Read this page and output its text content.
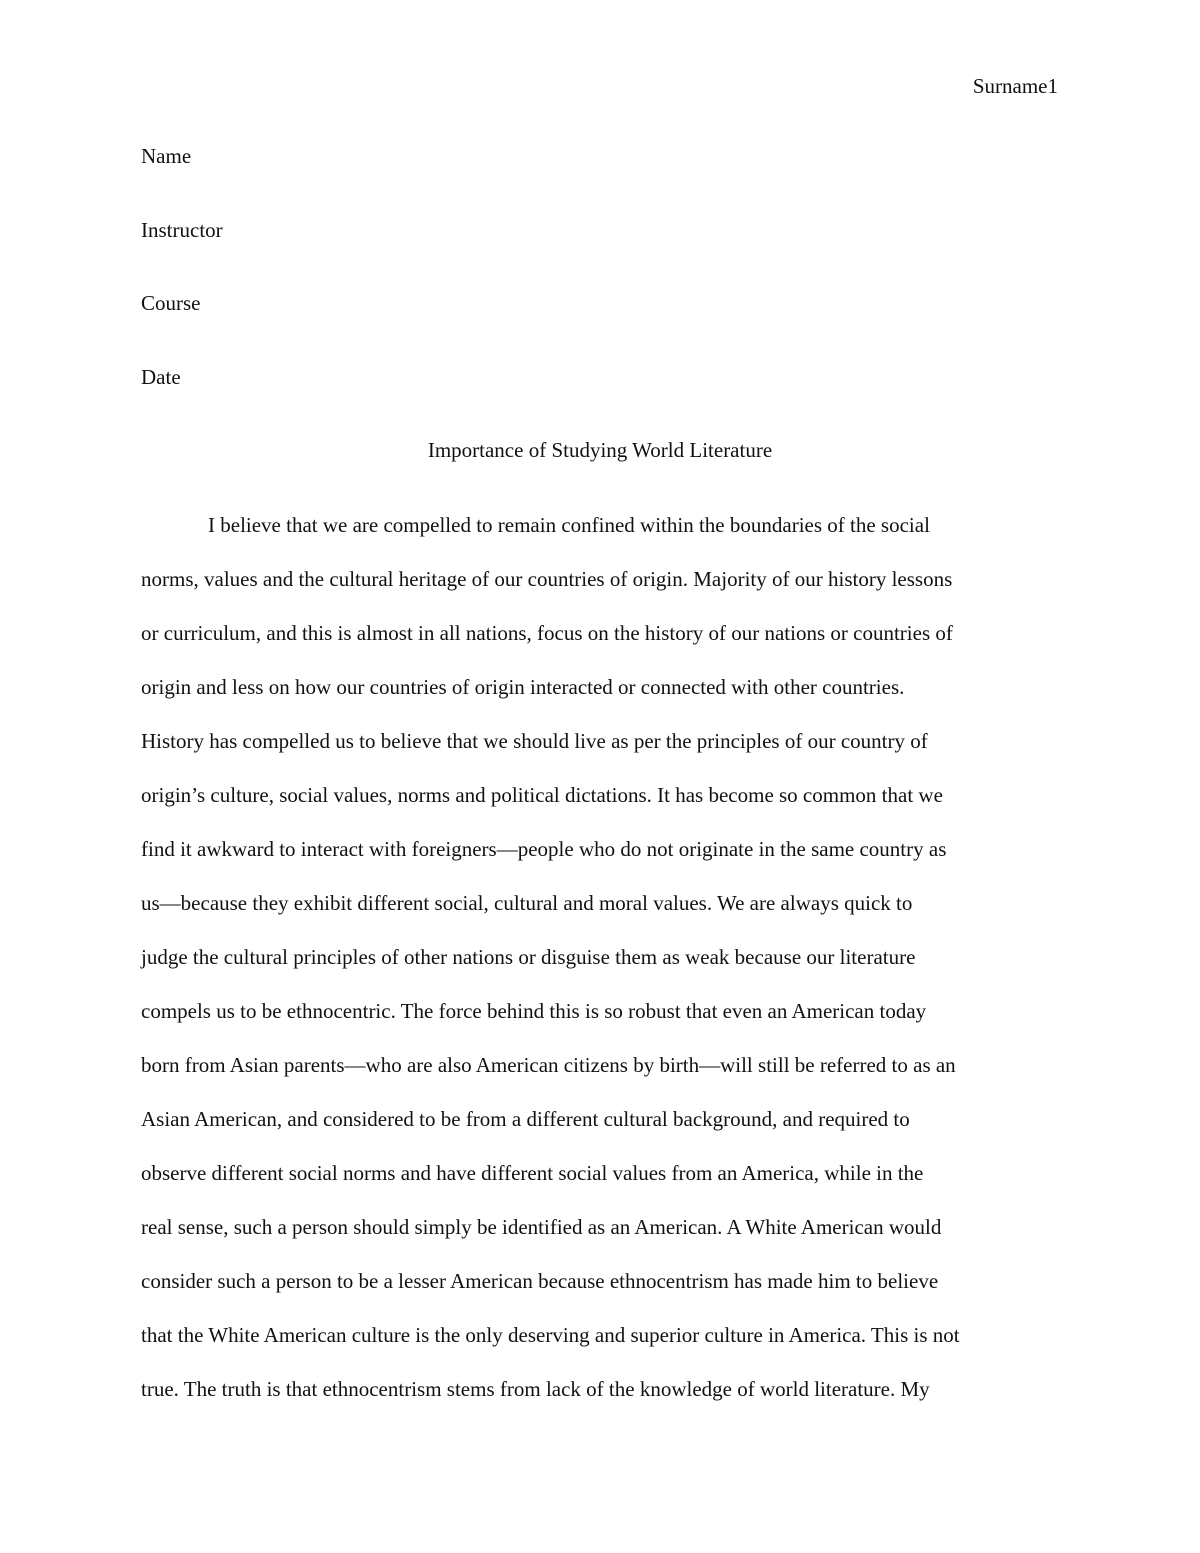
Surname1
Name
Instructor
Course
Date
Importance of Studying World Literature
I believe that we are compelled to remain confined within the boundaries of the social
norms, values and the cultural heritage of our countries of origin. Majority of our history lessons
or curriculum, and this is almost in all nations, focus on the history of our nations or countries of
origin and less on how our countries of origin interacted or connected with other countries.
History has compelled us to believe that we should live as per the principles of our country of
origin’s culture, social values, norms and political dictations. It has become so common that we
find it awkward to interact with foreigners—people who do not originate in the same country as
us—because they exhibit different social, cultural and moral values. We are always quick to
judge the cultural principles of other nations or disguise them as weak because our literature
compels us to be ethnocentric. The force behind this is so robust that even an American today
born from Asian parents—who are also American citizens by birth—will still be referred to as an
Asian American, and considered to be from a different cultural background, and required to
observe different social norms and have different social values from an America, while in the
real sense, such a person should simply be identified as an American. A White American would
consider such a person to be a lesser American because ethnocentrism has made him to believe
that the White American culture is the only deserving and superior culture in America. This is not
true. The truth is that ethnocentrism stems from lack of the knowledge of world literature. My
